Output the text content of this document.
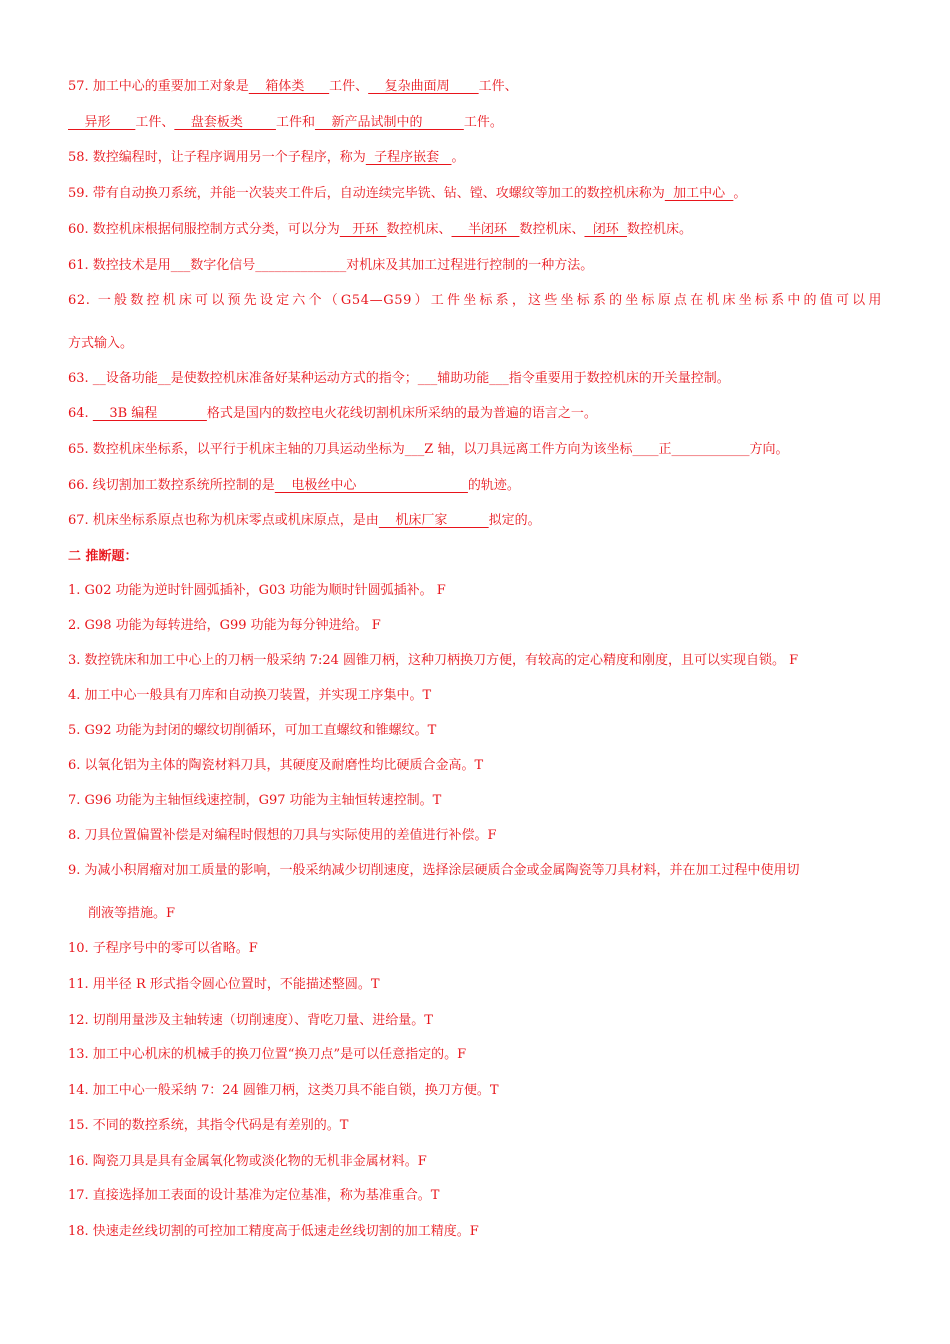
57. 加工中心的重要加工对象是    箱体类      工件、    复杂曲面周       工件、
异形      工件、    盘套板类        工件和    新产品试制中的          工件。
58. 数控编程时，让子程序调用另一个子程序，称为  子程序嵌套   。
59. 带有自动换刀系统，并能一次装夹工件后，自动连续完毕铣、钻、镗、攻螺纹等加工的数控机床称为  加工中心  。
60. 数控机床根据伺服控制方式分类，可以分为   开环  数控机床、    半闭环   数控机床、  闭环  数控机床。
61. 数控技术是用___数字化信号______________对机床及其加工过程进行控制的一种方法。
62. 一般数控机床可以预先设定六个（G54—G59）工件坐标系，这些坐标系的坐标原点在机床坐标系中的值可以用
方式输入。
63. __设备功能__是使数控机床准备好某种运动方式的指令；___辅助功能___指令重要用于数控机床的开关量控制。
64.     3B 编程            格式是国内的数控电火花线切割机床所采纳的最为普遍的语言之一。
65. 数控机床坐标系，以平行于机床主轴的刀具运动坐标为___Z 轴，以刀具远离工件方向为该坐标____正____________方向。
66. 线切割加工数控系统所控制的是    电极丝中心                           的轨迹。
67. 机床坐标系原点也称为机床零点或机床原点，是由    机床厂家          拟定的。
二 推断题：
1. G02 功能为逆时针圆弧插补，G03 功能为顺时针圆弧插补。 F
2. G98 功能为每转进给，G99 功能为每分钟进给。 F
3. 数控铣床和加工中心上的刀柄一般采纳 7:24 圆锥刀柄，这种刀柄换刀方便，有较高的定心精度和刚度，且可以实现自锁。 F
4. 加工中心一般具有刀库和自动换刀装置，并实现工序集中。T
5. G92 功能为封闭的螺纹切削循环，可加工直螺纹和锥螺纹。T
6. 以氧化铝为主体的陶瓷材料刀具，其硬度及耐磨性均比硬质合金高。T
7. G96 功能为主轴恒线速控制，G97 功能为主轴恒转速控制。T
8. 刀具位置偏置补偿是对编程时假想的刀具与实际使用的差值进行补偿。F
9. 为减小积屑瘤对加工质量的影响，一般采纳减少切削速度，选择涂层硬质合金或金属陶瓷等刀具材料，并在加工过程中使用切
削液等措施。F
10. 子程序号中的零可以省略。F
11. 用半径 R 形式指令圆心位置时，不能描述整圆。T
12. 切削用量涉及主轴转速（切削速度）、背吃刀量、进给量。T
13. 加工中心机床的机械手的换刀位置“换刀点”是可以任意指定的。F
14. 加工中心一般采纳 7：24 圆锥刀柄，这类刀具不能自锁，换刀方便。T
15. 不同的数控系统，其指令代码是有差别的。T
16. 陶瓷刀具是具有金属氧化物或淡化物的无机非金属材料。F
17. 直接选择加工表面的设计基准为定位基准，称为基准重合。T
18. 快速走丝线切割的可控加工精度高于低速走丝线切割的加工精度。F
